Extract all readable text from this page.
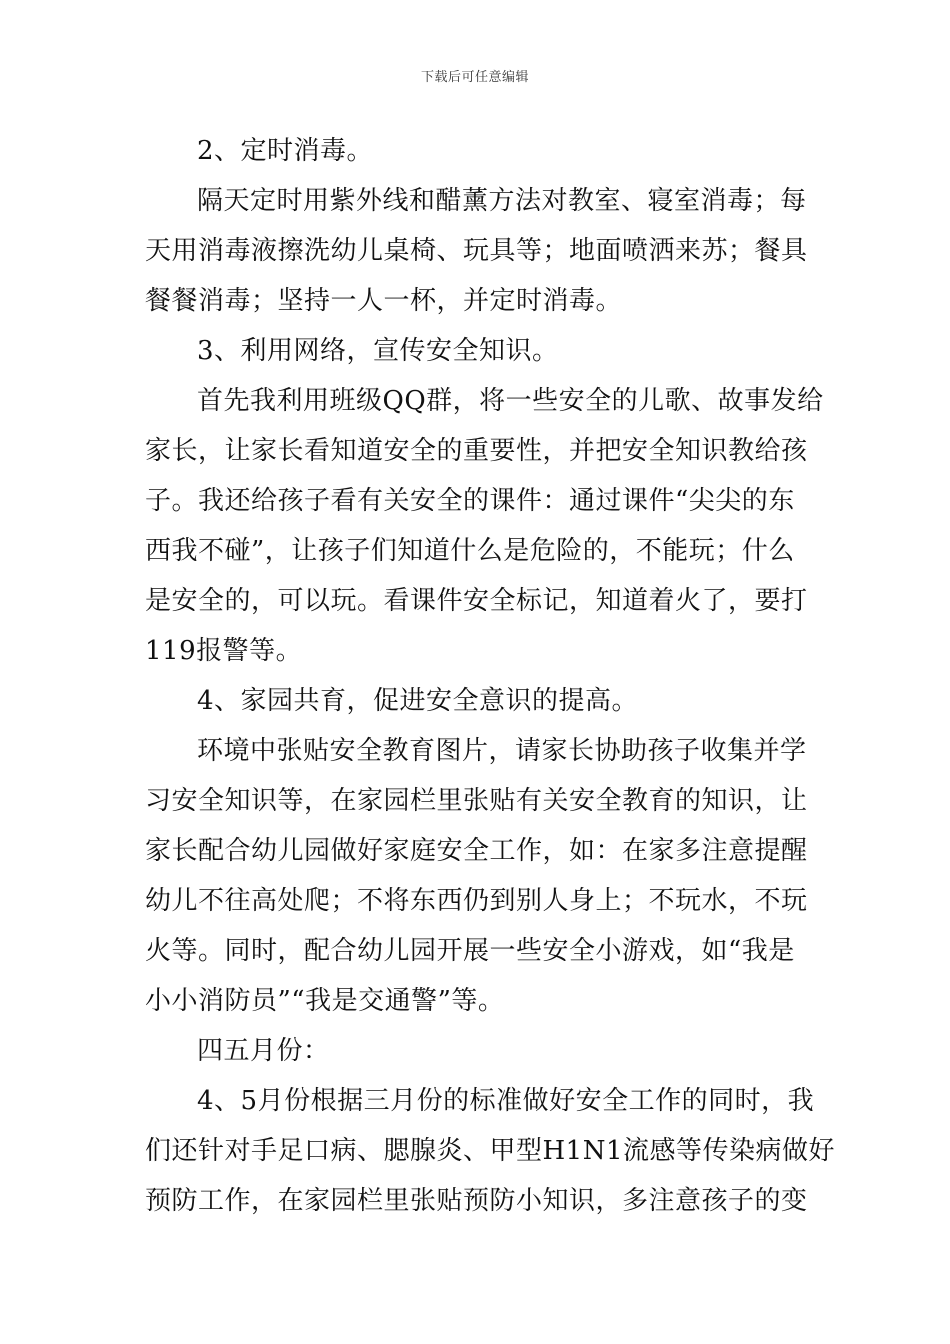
下载后可任意编辑
2、定时消毒。
隔天定时用紫外线和醋薰方法对教室、寝室消毒；每
天用消毒液擦洗幼儿桌椅、玩具等；地面喷洒来苏；餐具
餐餐消毒；坚持一人一杯，并定时消毒。
3、利用网络，宣传安全知识。
首先我利用班级QQ群，将一些安全的儿歌、故事发给
家长，让家长看知道安全的重要性，并把安全知识教给孩
子。我还给孩子看有关安全的课件：通过课件“尖尖的东
西我不碰”，让孩子们知道什么是危险的，不能玩；什么
是安全的，可以玩。看课件安全标记，知道着火了，要打
119报警等。
4、家园共育，促进安全意识的提高。
环境中张贴安全教育图片，请家长协助孩子收集并学
习安全知识等，在家园栏里张贴有关安全教育的知识，让
家长配合幼儿园做好家庭安全工作，如：在家多注意提醒
幼儿不往高处爬；不将东西仍到别人身上；不玩水，不玩
火等。同时，配合幼儿园开展一些安全小游戏，如“我是
小小消防员”“我是交通警”等。
四五月份：
4、5月份根据三月份的标准做好安全工作的同时，我
们还针对手足口病、腮腺炎、甲型H1N1流感等传染病做好
预防工作，在家园栏里张贴预防小知识，多注意孩子的变
